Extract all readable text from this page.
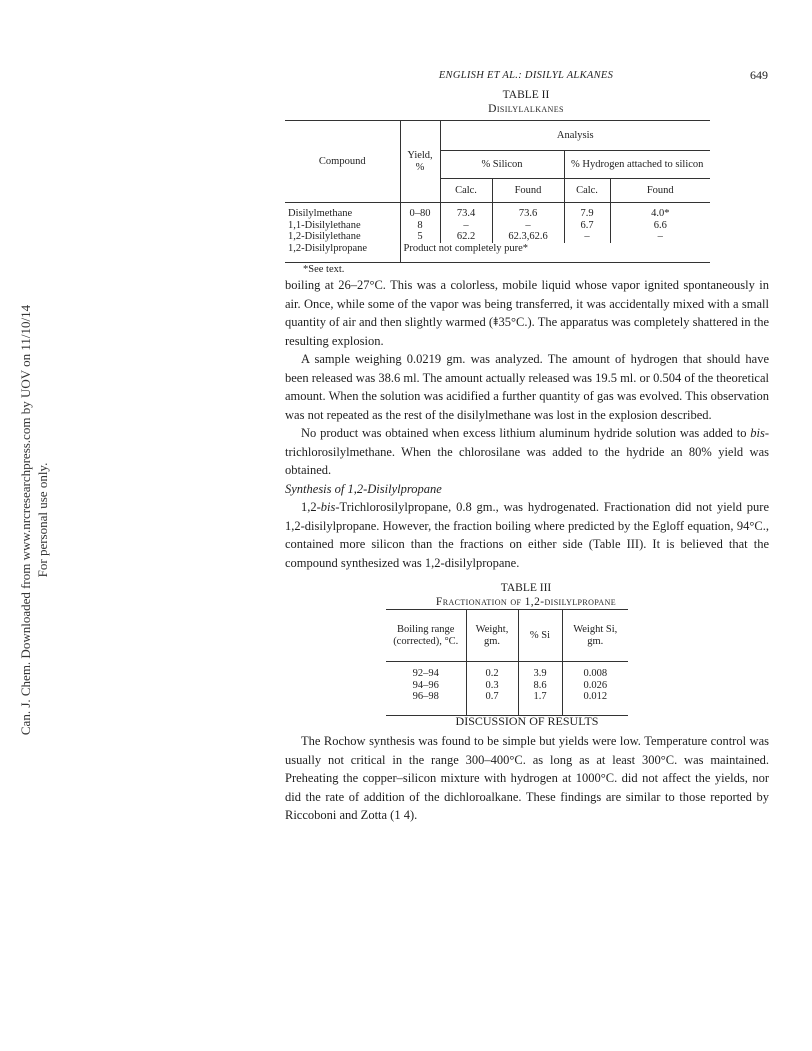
Can. J. Chem. Downloaded from www.nrcresearchpress.com by UOV on 11/10/14 For personal use only.
ENGLISH ET AL.: DISILYL ALKANES	649
TABLE II
Disilylalkanes
Compound	Yield, %	Analysis			
		% Silicon		% Hydrogen attached to silicon	
		Calc.	Found	Calc.	Found
Disilylmethane	0–80	73.4	73.6	7.9	4.0*
1,1-Disilylethane	8	–	–	6.7	6.6
1,2-Disilylethane	5	62.2	62.3,62.6	–	–
1,2-Disilylpropane	Product not completely pure*				
*See text.

boiling at 26–27°C. This was a colorless, mobile liquid whose vapor ignited spontaneously in air. Once, while some of the vapor was being transferred, it was accidentally mixed with a small quantity of air and then slightly warmed (⯒35°C.). The apparatus was completely shattered in the resulting explosion.

A sample weighing 0.0219 gm. was analyzed. The amount of hydrogen that should have been released was 38.6 ml. The amount actually released was 19.5 ml. or 0.504 of the theoretical amount. When the solution was acidified a further quantity of gas was evolved. This observation was not repeated as the rest of the disilylmethane was lost in the explosion described.

No product was obtained when excess lithium aluminum hydride solution was added to bis-trichlorosilylmethane. When the chlorosilane was added to the hydride an 80% yield was obtained.

Synthesis of 1,2-Disilylpropane

1,2-bis-Trichlorosilylpropane, 0.8 gm., was hydrogenated. Fractionation did not yield pure 1,2-disilylpropane. However, the fraction boiling where predicted by the Egloff equation, 94°C., contained more silicon than the fractions on either side (Table III). It is believed that the compound synthesized was 1,2-disilylpropane.

TABLE III
Fractionation of 1,2-disilylpropane
Boiling range (corrected), °C.	Weight, gm.	% Si	Weight Si, gm.
92–94	0.2	3.9	0.008
94–96	0.3	8.6	0.026
96–98	0.7	1.7	0.012
DISCUSSION OF RESULTS

The Rochow synthesis was found to be simple but yields were low. Temperature control was usually not critical in the range 300–400°C. as long as at least 300°C. was maintained. Preheating the copper–silicon mixture with hydrogen at 1000°C. did not affect the yields, nor did the rate of addition of the dichloroalkane. These findings are similar to those reported by Riccoboni and Zotta (1 4).
